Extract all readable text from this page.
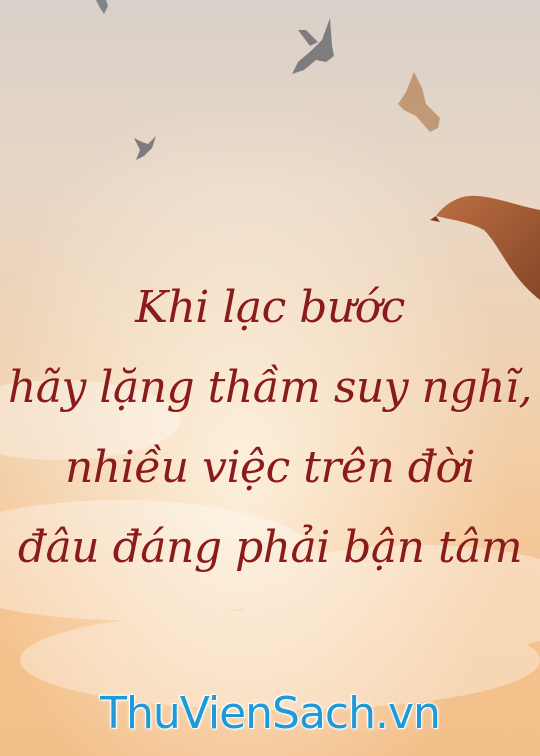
Khi lạc bước
hãy lặng thầm suy nghĩ,
nhiều việc trên đời
đâu đáng phải bận tâm
ThuVienSach.vn
